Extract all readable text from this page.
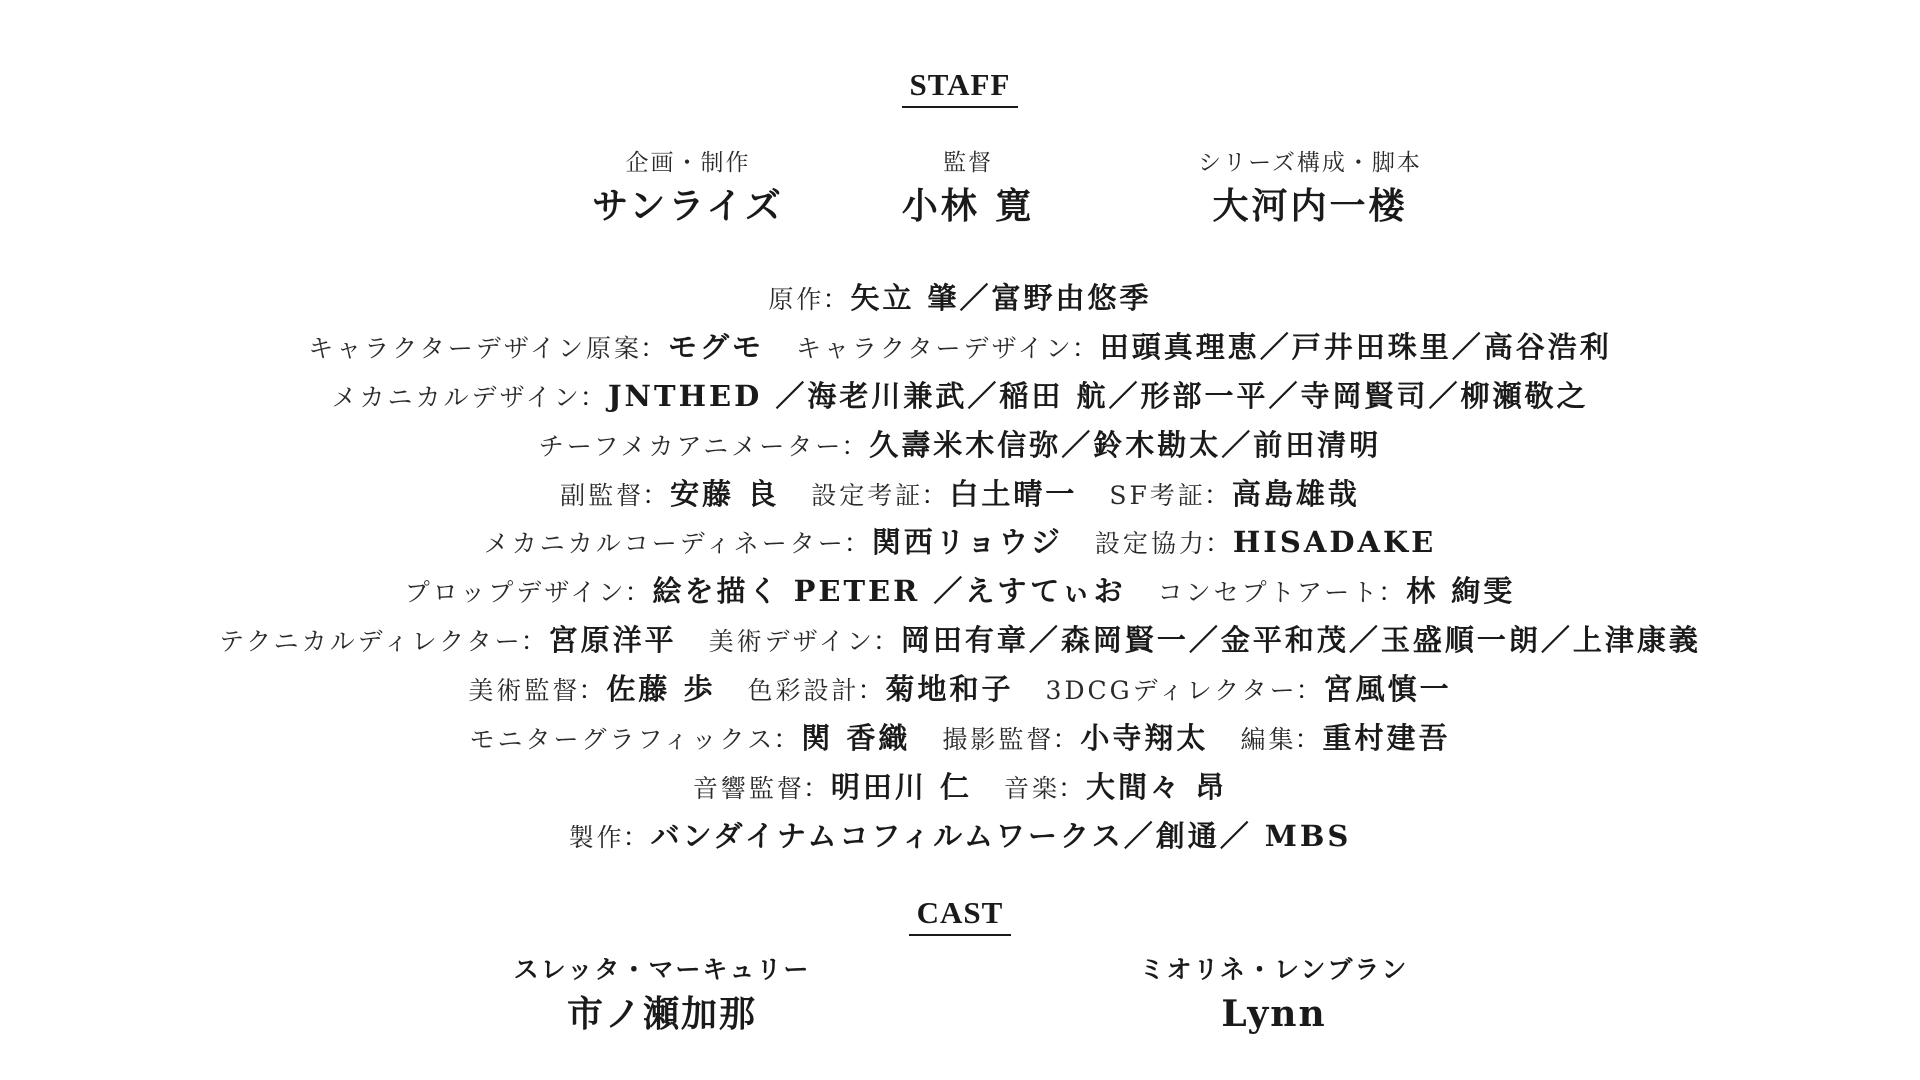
STAFF
企画・制作
サンライズ
監督
小林 寛
シリーズ構成・脚本
大河内一楼
原作：矢立 肇／富野由悠季
キャラクターデザイン原案：モグモ キャラクターデザイン：田頭真理恵／戸井田珠里／高谷浩利
メカニカルデザイン：JNTHED ／海老川兼武／稲田 航／形部一平／寺岡賢司／柳瀬敬之
チーフメカアニメーター：久壽米木信弥／鈴木勘太／前田清明
副監督：安藤 良 設定考証：白土晴一 SF考証：高島雄哉
メカニカルコーディネーター：関西リョウジ 設定協力：HISADAKE
プロップデザイン：絵を描く PETER ／えすてぃお コンセプトアート：林 絢雯
テクニカルディレクター：宮原洋平 美術デザイン：岡田有章／森岡賢一／金平和茂／玉盛順一朗／上津康義
美術監督：佐藤 歩 色彩設計：菊地和子 3DCGディレクター：宮風慎一
モニターグラフィックス：関 香織 撮影監督：小寺翔太 編集：重村建吾
音響監督：明田川 仁 音楽：大間々 昂
製作：バンダイナムコフィルムワークス／創通／ MBS
CAST
スレッタ・マーキュリー
市ノ瀬加那
ミオリネ・レンブラン
Lynn
